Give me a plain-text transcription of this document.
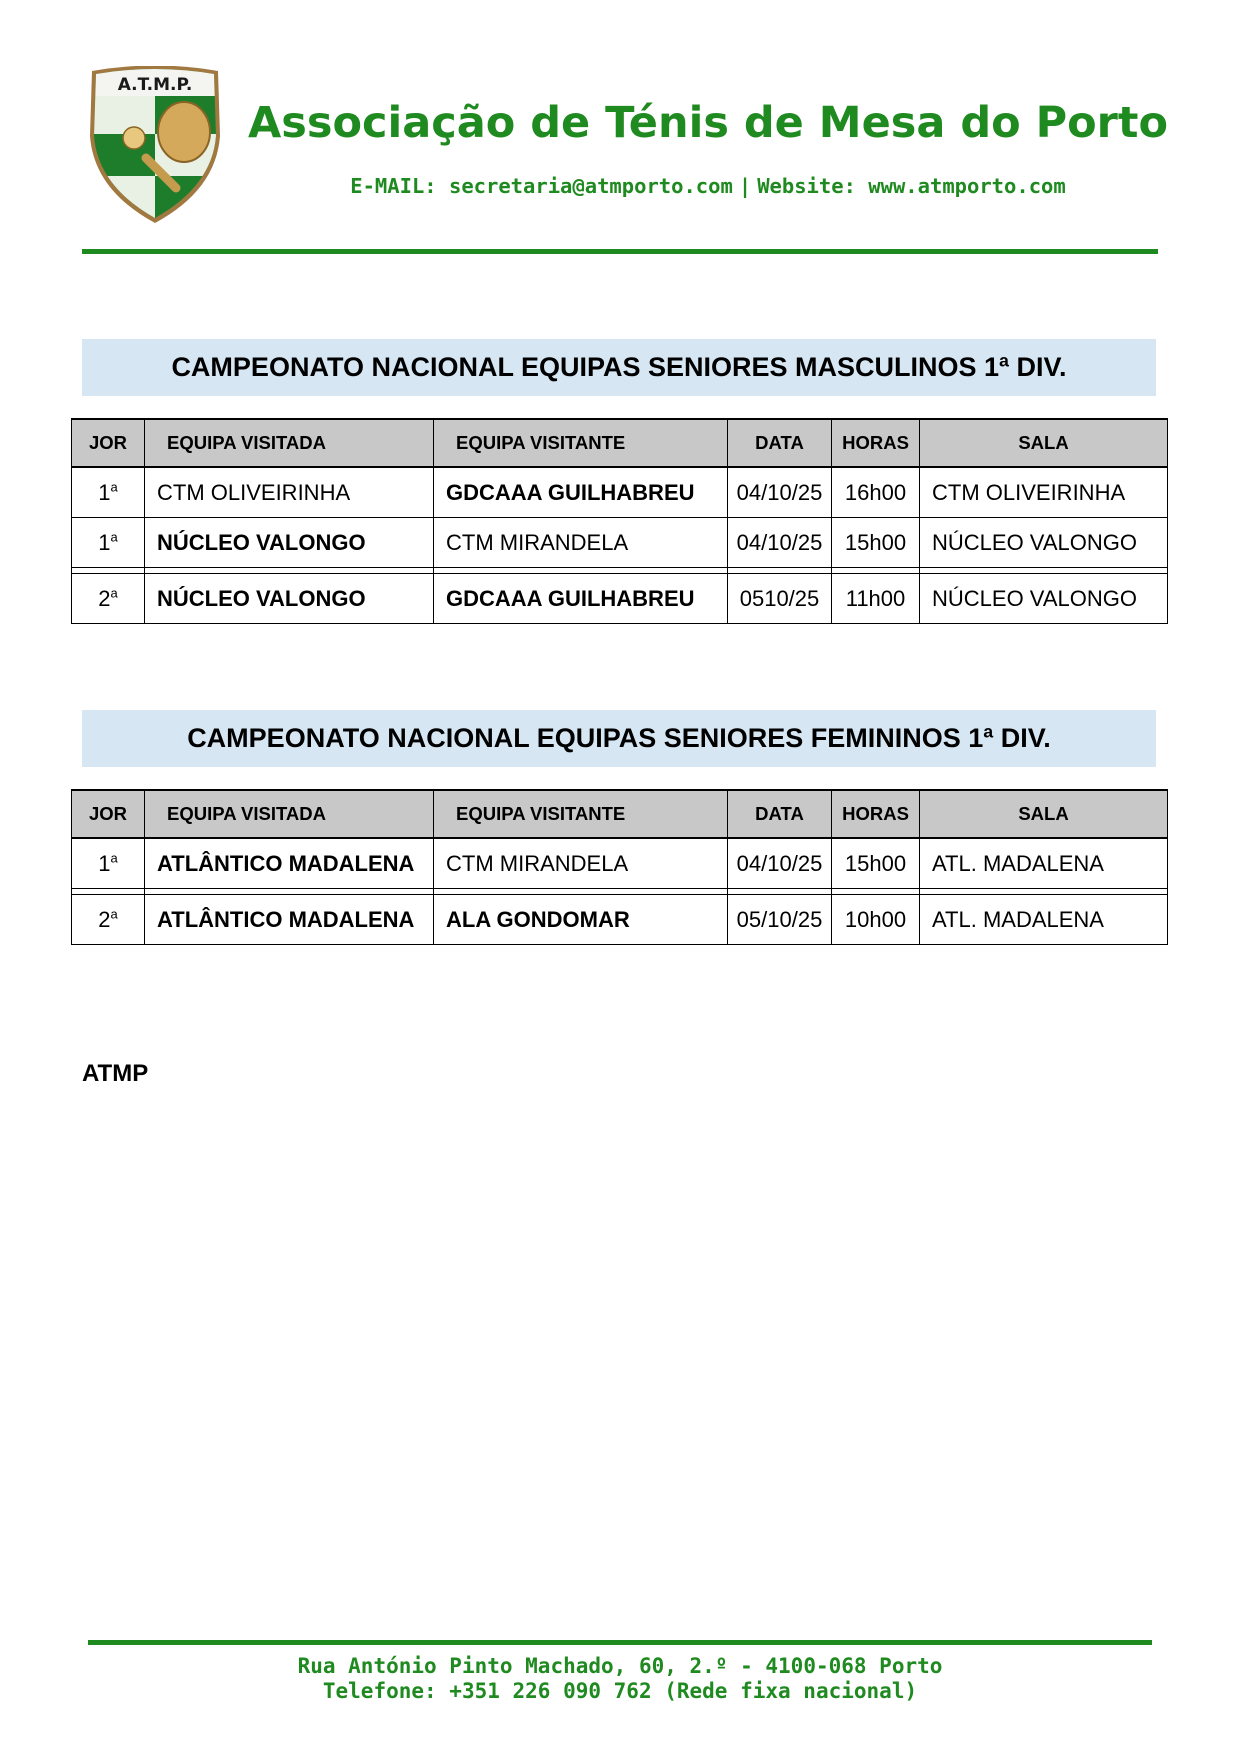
A.T.M.P.
Associação de Ténis de Mesa do Porto
E-MAIL: secretaria@atmporto.com | Website: www.atmporto.com
CAMPEONATO NACIONAL EQUIPAS SENIORES MASCULINOS 1ª DIV.
JOR	EQUIPA VISITADA	EQUIPA VISITANTE	DATA	HORAS	SALA
1$^a$	CTM OLIVEIRINHA	GDCAAA GUILHABREU	04/10/25	16h00	CTM OLIVEIRINHA
1$^a$	NÚCLEO VALONGO	CTM MIRANDELA	04/10/25	15h00	NÚCLEO VALONGO

2$^a$	NÚCLEO VALONGO	GDCAAA GUILHABREU	0510/25	11h00	NÚCLEO VALONGO
CAMPEONATO NACIONAL EQUIPAS SENIORES FEMININOS 1ª DIV.
JOR	EQUIPA VISITADA	EQUIPA VISITANTE	DATA	HORAS	SALA
1$^a$	ATLÂNTICO MADALENA	CTM MIRANDELA	04/10/25	15h00	ATL. MADALENA

2$^a$	ATLÂNTICO MADALENA	ALA GONDOMAR	05/10/25	10h00	ATL. MADALENA
ATMP
Rua António Pinto Machado, 60, 2.º - 4100-068 Porto
Telefone: +351 226 090 762 (Rede fixa nacional)
